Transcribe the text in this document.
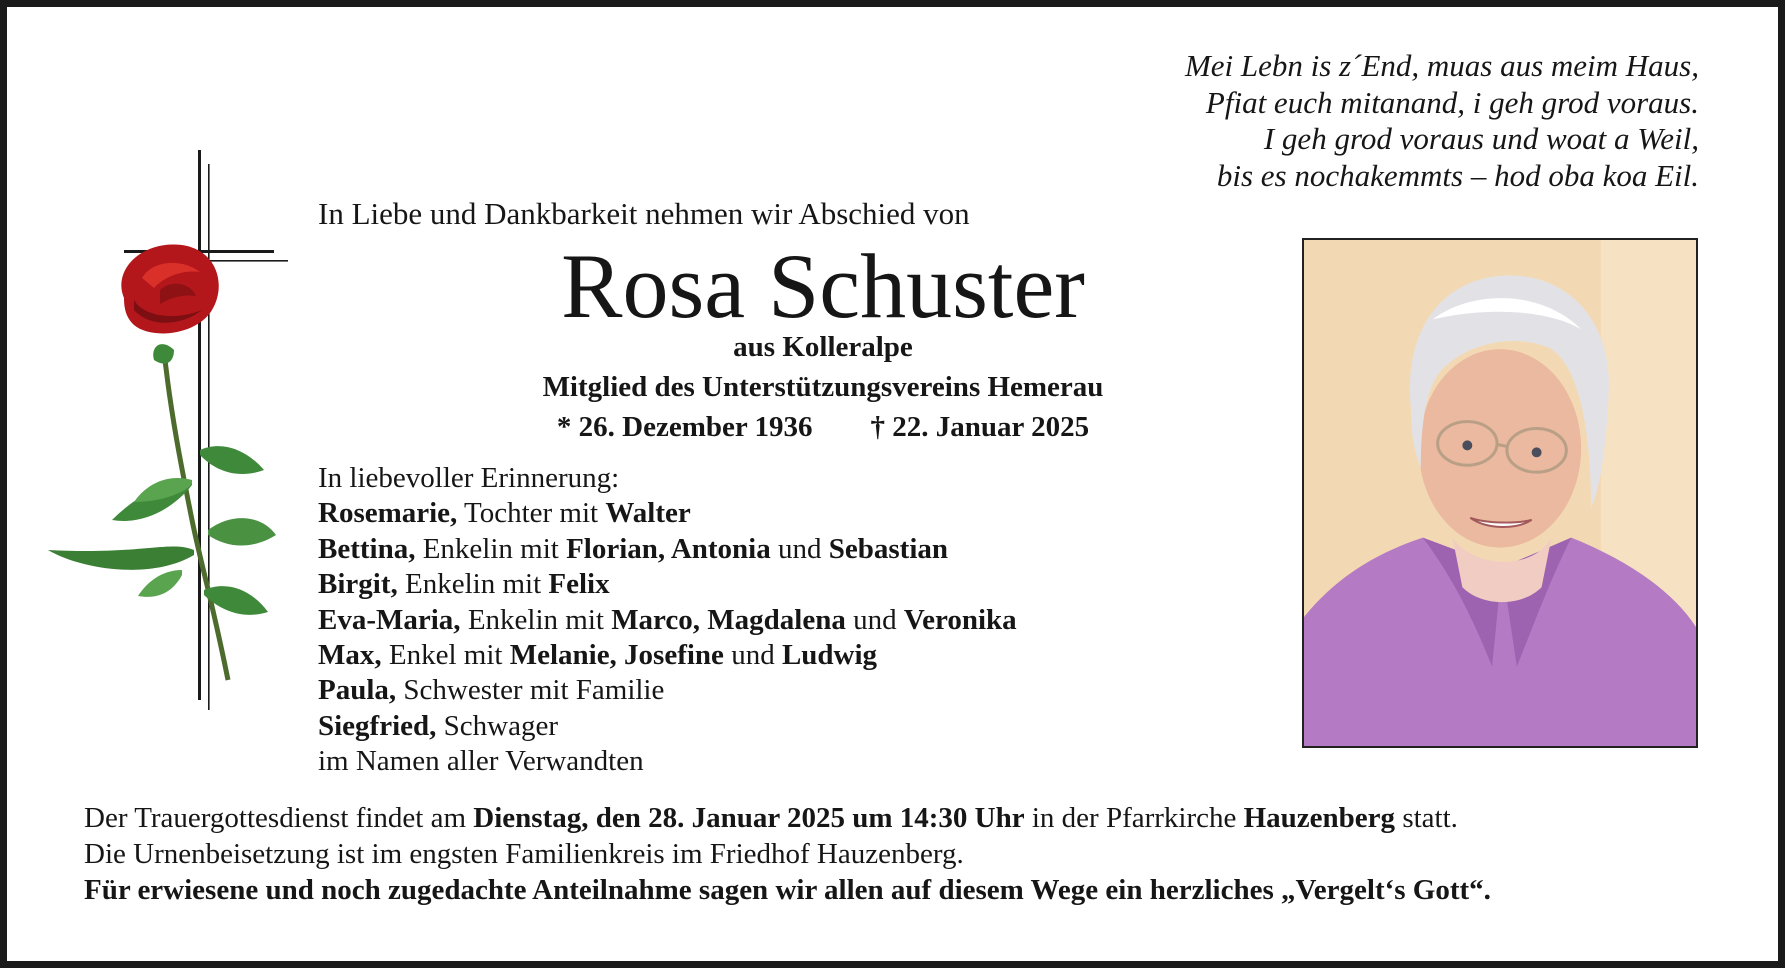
Mei Lebn is z´End, muas aus meim Haus,
Pfiat euch mitanand, i geh grod voraus.
I geh grod voraus und woat a Weil,
bis es nochakemmts – hod oba koa Eil.
In Liebe und Dankbarkeit nehmen wir Abschied von
Rosa Schuster
aus Kolleralpe
Mitglied des Unterstützungsvereins Hemerau
* 26. Dezember 1936 † 22. Januar 2025
In liebevoller Erinnerung:
Rosemarie, Tochter mit Walter
Bettina, Enkelin mit Florian, Antonia und Sebastian
Birgit, Enkelin mit Felix
Eva-Maria, Enkelin mit Marco, Magdalena und Veronika
Max, Enkel mit Melanie, Josefine und Ludwig
Paula, Schwester mit Familie
Siegfried, Schwager
im Namen aller Verwandten
Der Trauergottesdienst findet am Dienstag, den 28. Januar 2025 um 14:30 Uhr in der Pfarrkirche Hauzenberg statt.
Die Urnenbeisetzung ist im engsten Familienkreis im Friedhof Hauzenberg.
Für erwiesene und noch zugedachte Anteilnahme sagen wir allen auf diesem Wege ein herzliches „Vergelt‘s Gott“.
